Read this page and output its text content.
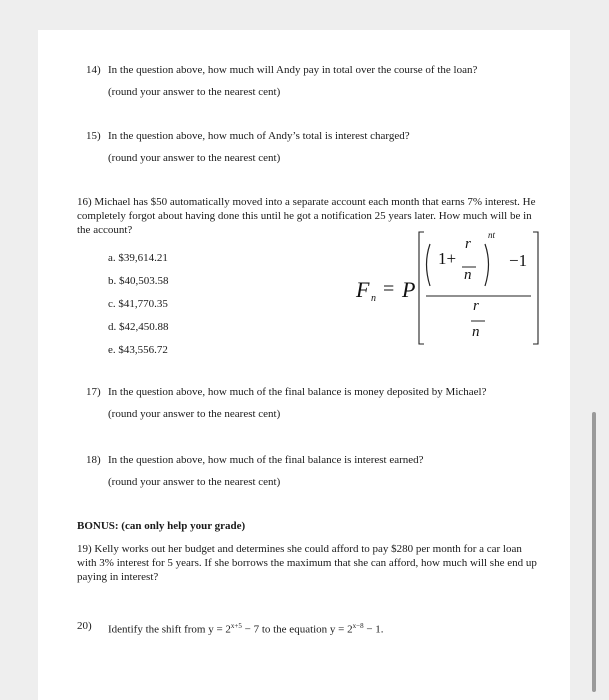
14) In the question above, how much will Andy pay in total over the course of the loan?
(round your answer to the nearest cent)
15) In the question above, how much of Andy’s total is interest charged?
(round your answer to the nearest cent)
16) Michael has $50 automatically moved into a separate account each month that earns 7% interest. He completely forgot about having done this until he got a notification 25 years later. How much will be in the account?
a. $39,614.21
b. $40,503.58
c. $41,770.35
d. $42,450.88
e. $43,556.72
F n = P
1+
r
n
nt
−1
r
n
17) In the question above, how much of the final balance is money deposited by Michael?
(round your answer to the nearest cent)
18) In the question above, how much of the final balance is interest earned?
(round your answer to the nearest cent)
BONUS: (can only help your grade)
19) Kelly works out her budget and determines she could afford to pay $280 per month for a car loan with 3% interest for 5 years. If she borrows the maximum that she can afford, how much will she end up paying in interest?
20) Identify the shift from $y = 2^{x+5} - 7$ to the equation $y = 2^{x-8} - 1$.
